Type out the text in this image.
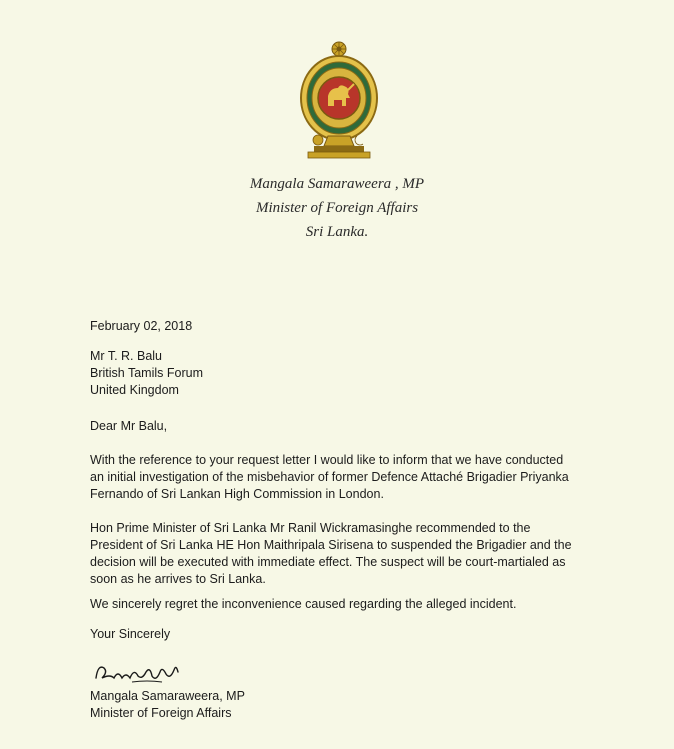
Mangala Samaraweera , MP
Minister of Foreign Affairs
Sri Lanka.
February 02, 2018
Mr T. R. Balu
British Tamils Forum
United Kingdom
Dear Mr Balu,
With the reference to your request letter I would like to inform that we have conducted
an initial investigation of the misbehavior of former Defence Attaché Brigadier Priyanka
Fernando of Sri Lankan High Commission in London.
Hon Prime Minister of Sri Lanka Mr Ranil Wickramasinghe recommended to the
President of Sri Lanka HE Hon Maithripala Sirisena to suspended the Brigadier and the
decision will be executed with immediate effect. The suspect will be court-martialed as
soon as he arrives to Sri Lanka.
We sincerely regret the inconvenience caused regarding the alleged incident.
Your Sincerely
Mangala Samaraweera, MP
Minister of Foreign Affairs
